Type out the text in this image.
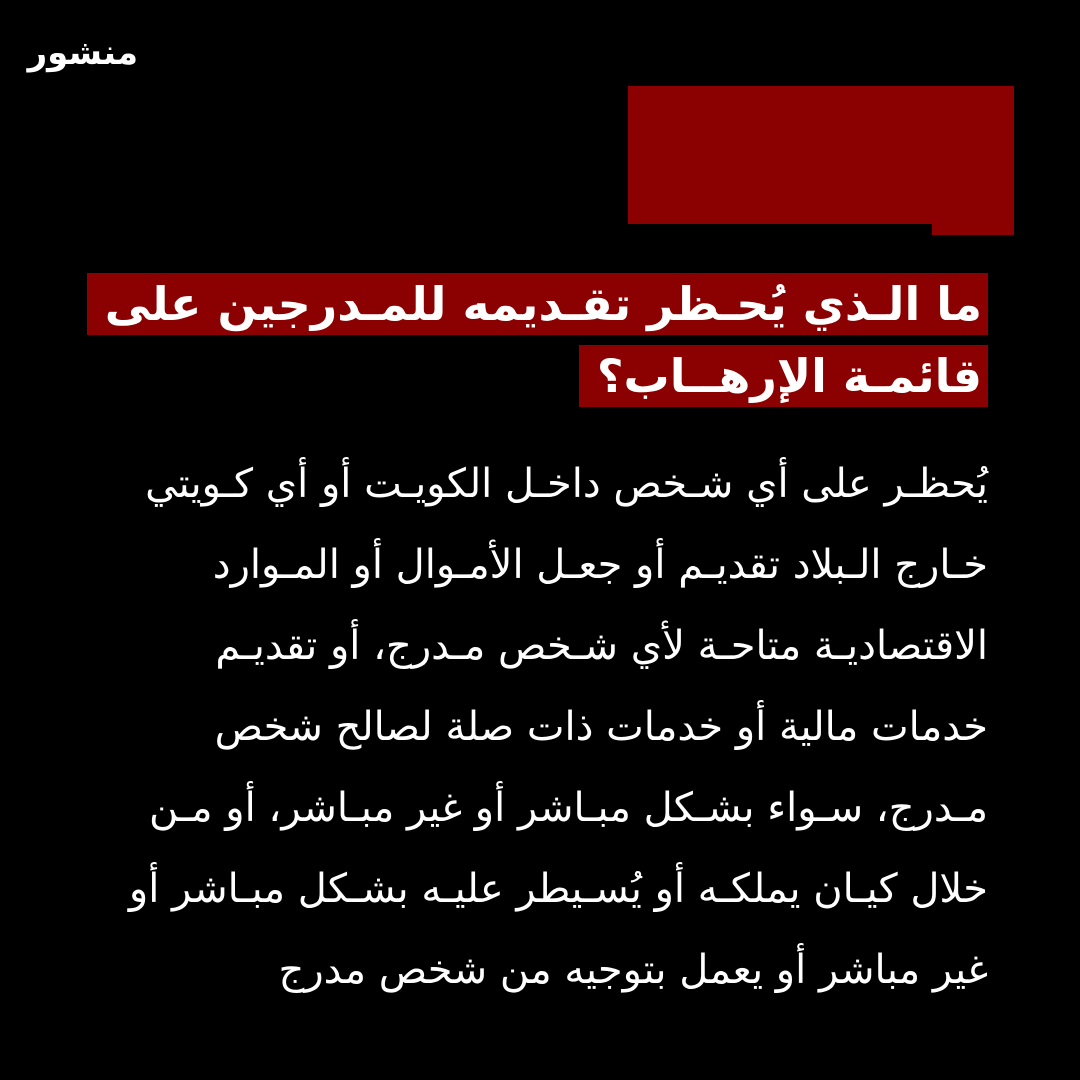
منشور
ما الـذي يُحـظر تقـديمه للمـدرجين على
قائمـة الإرهــاب؟
يُحظـر على أي شـخص داخـل الكويـت أو أي كـويتي
خـارج الـبلاد تقديـم أو جعـل الأمـوال أو المـوارد
الاقتصاديـة متاحـة لأي شـخص مـدرج، أو تقديـم
خدمات مالية أو خدمات ذات صلة لصالح شخص
مـدرج، سـواء بشـكل مبـاشر أو غير مبـاشر، أو مـن
خلال كيـان يملكـه أو يُسـيطر عليـه بشـكل مبـاشر أو
غير مباشر أو يعمل بتوجيه من شخص مدرج
